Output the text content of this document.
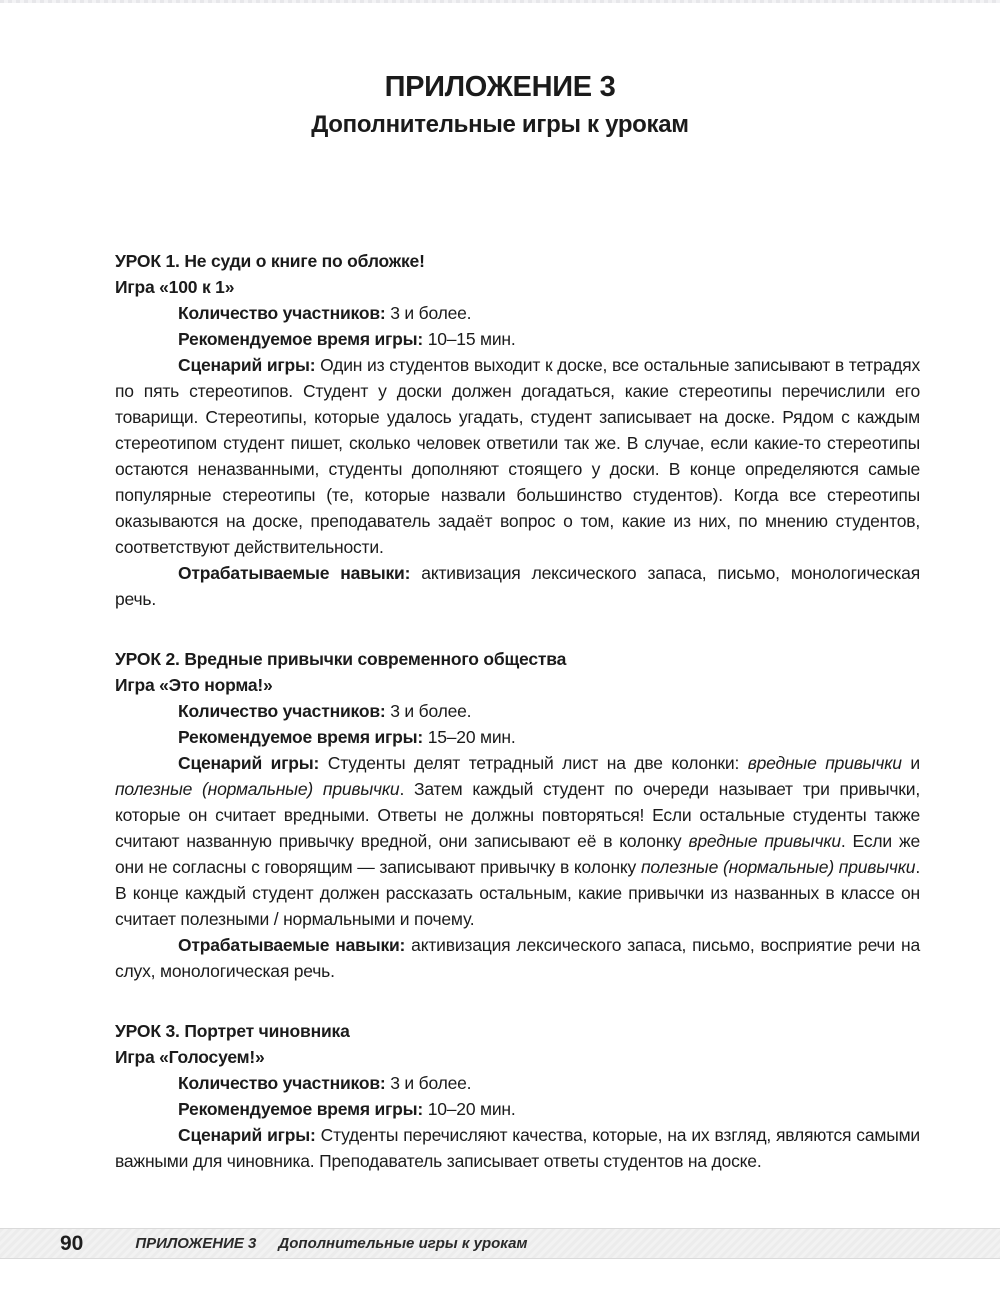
ПРИЛОЖЕНИЕ 3
Дополнительные игры к урокам

УРОК 1. Не суди о книге по обложке!

Игра «100 к 1»

Количество участников: 3 и более.

Рекомендуемое время игры: 10–15 мин.

Сценарий игры: Один из студентов выходит к доске, все остальные записывают в тетрадях по пять стереотипов. Студент у доски должен догадаться, какие стереотипы перечислили его товарищи. Стереотипы, которые удалось угадать, студент записывает на доске. Рядом с каждым стереотипом студент пишет, сколько человек ответили так же. В случае, если какие-то стереотипы остаются неназванными, студенты дополняют стоящего у доски. В конце определяются самые популярные стереотипы (те, которые назвали большинство студентов). Когда все стереотипы оказываются на доске, преподаватель задаёт вопрос о том, какие из них, по мнению студентов, соответствуют действительности.

Отрабатываемые навыки: активизация лексического запаса, письмо, монологическая речь.

УРОК 2. Вредные привычки современного общества

Игра «Это норма!»

Количество участников: 3 и более.

Рекомендуемое время игры: 15–20 мин.

Сценарий игры: Студенты делят тетрадный лист на две колонки: вредные привычки и полезные (нормальные) привычки. Затем каждый студент по очереди называет три привычки, которые он считает вредными. Ответы не должны повторяться! Если остальные студенты также считают названную привычку вредной, они записывают её в колонку вредные привычки. Если же они не согласны с говорящим — записывают привычку в колонку полезные (нормальные) привычки. В конце каждый студент должен рассказать остальным, какие привычки из названных в классе он считает полезными / нормальными и почему.

Отрабатываемые навыки: активизация лексического запаса, письмо, восприятие речи на слух, монологическая речь.

УРОК 3. Портрет чиновника

Игра «Голосуем!»

Количество участников: 3 и более.

Рекомендуемое время игры: 10–20 мин.

Сценарий игры: Студенты перечисляют качества, которые, на их взгляд, являются самыми важными для чиновника. Преподаватель записывает ответы студентов на доске.

90	ПРИЛОЖЕНИЕ 3 Дополнительные игры к урокам
